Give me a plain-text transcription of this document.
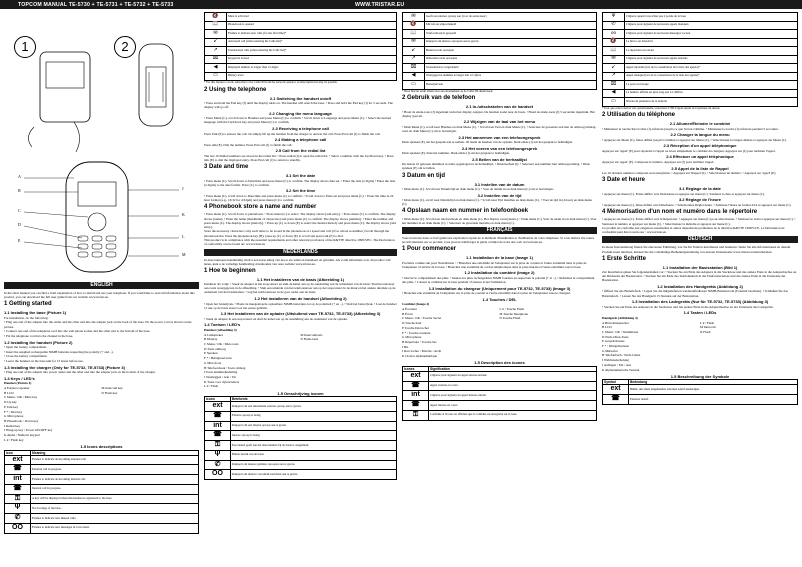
TOPCOM MANUAL TE-5730 + TE-5731 + TE-5732 + TE-5733	WWW.TRISTAR.EU
1	2
A
B
C
D
E
J
K
L
M
ENGLISH

In the short manual you can find a brief explanation of how to install and use your telephone. If you would like to read all information about this product, you can download the full user guide from our website www.tristar.eu.

1 Getting started
1.1 Installing the base (Picture 1)

For installation, do the following:

• Plug one end of the adapter into the outlet and the other end into the adapter jack on the back of the base. Fit the power cord as shown on the picture.

• Connect one end of the telephone cord into the wall phone socket and the other end to the bottom of the base.

• Fix the telephone cord into the channel in the base.

1.2 Installing the handset (Picture 2)

• Open the battery compartment.

• Insert the supplied rechargeable NiMH batteries respecting the polarity (+ and –).

• Close the battery compartment.

• Leave the handset on the base unit for 15 hours before use.

1.3 Installing the charger (Only for TE-5732, TE-5733) (Picture 3)

• Plug one end of the adapter into power outlet and the other end into the adapter jack on the bottom of the charger.

1.4 Keys / LED's

Handset (Picture 4)

A Earpiece speaker

B LCD

C Menu / OK / Mute key

D Up key

E Talk key

F * / Dial key

G Microphone

H Phonebook / Down key

I Redial key

J Hang-up key / Power ON/OFF key

K Alpha / Numeric keypad

L # / Flash key

M Intercom key

N Flash key

1.5 Icons descriptions
Icon	Meaning
ext	Flashes to indicate an incoming external call.
☎	External call in progress.
int	Flashes to indicate an incoming internal call.
☎	Internal call in progress.
⚿	A key will be displayed when this handset is registered to the base.
Ψ	Not in range of the base.
✆	Flashes to indicate new missed calls.
OO	Flashes to indicate new messages in voice mail.
🔇	Mute is activated
📖	Phonebook is opened
✉	Flashes to indicate new calls (for the first time)*
↙	Answered call (when entering the Calls list)*
↗	Unanswered calls (when entering the Calls list)*
⌧	Keypad is locked
◀	Displayed number is longer than 12 digits
▭	Battery level

* For this feature to work, subscribe to the Caller ID from the network operator. A subscription fee may be payable.

2 Using the telephone
2.1 Switching the handset on/off

• Press and hold the End key (J) until the display turns on. The handset will search the base. • Press and hold the End key (J) for 5 seconds. The display will go off.

2.2 Changing the menu language

• Press Menu (C), scroll down to Handset and press Menu (C) to confirm. • Scroll down to Language and press Menu (C). • Select the desired language with the Up/Down key and press Menu (C) to confirm.

2.3 Receiving a telephone call

Press Talk (E) to answer the call. Or simply lift up the handset from the charger to answer the call. Press End call (J) to finish the call.

2.4 Making a telephone call

Press talk (E). Dial the number. Press End call (J) to finish the call.

2.5 Call from the redial list

The last 10 dialled numbers are stored in the redial list. • Press redial (I) to open the redial list. • Select a number with the Up/Down key. • Press talk (E) to dial the displayed entry. Press End call (J) to return to standby.

3 Date and time
3.1 Set the date

• Press menu (C). Scroll down to Date/time and press menu (C) to confirm. The display shows date set. • Enter the date (2 digits) • Enter the date (2 digits) to the date format. Press (C) to confirm.

3.2 Set the time

• Press menu (C), scroll down to Date/time and press menu (C) to confirm. • Scroll down to Time set and press menu (C). • Enter the time in 24 hour format (e.g., 16:32 for 4:32pm) and press menu (C) to confirm.

4 Phonebook store a name and number

• Press menu (C). Scroll down to phonebook. • Press menu (C) to select. The display shows [add entry]. • Press menu (C) to confirm. The display shows [name]. • Enter the name (maximum 12 characters) and press menu (C) to confirm. The display shows [number]. • Enter the number and press menu (C). The display shows [melody]. • Press up (C) or down (E) to select the desired melody and press menu (C): the display shows [add entry].

Store the necessary characters: only each letter to be stored in the phonebook at a speed and call. (If so whole re-number.) Scroll through the phonebook list. Press the phonebook key (H), press up (C) or down (E) to scroll and press talk (E) to dial.

This product is in compliance with the essential requirements and other relevant provisions of the R&TTE directive 1999/5/EC. The Declaration of conformity can be found on: www.tristar.eu

NEDERLANDS

In deze beknopte handleiding vindt u een korte uitleg van hoe u uw telefoon installeert en gebruikt. Als u alle informatie over dit product wilt lezen, kunt u de volledige handleiding downloaden van onze website www.tristar.eu.

1 Hoe te beginnen
1.1 Het installeren van de basis (Afbeelding 1)

Installeer als volgt: • Steek de adapter in het stopcontact en sluit de kabel aan op de aansluiting aan de achterkant van de basis. Sluit het netsnoer aan zoals weergegeven in de afbeelding. • Sluit een uiteinde van het telefoonsnoer aan op het stopcontact in de muur en het andere uiteinde op de onderkant van het basisstation. • Leg het telefoonsnoer in de goot onder aan de basis.

1.2 Het installeren van de handset (Afbeelding 2)

• Open het batterijvak. • Plaats de meegeleverde oplaadbare NiMH-batterijen, let op de polariteit (+ en –). • Sluit het batterijvak. • Laat de handset 15 uur op de basis staan voor het eerste gebruik.

1.3 Het installeren van de oplader (Uitsluitend voor TE-5732, TE-5733) (Afbeelding 3)

• Steek de adapter in een stopcontact en sluit de kabel aan op de aansluiting aan de onderkant van de oplader.

1.4 Toetsen / LED's

Handset (Afbeelding 4)

A Luidspreker

B Display

C Menu / OK / Mute toets

D Toets omhoog

E Spreken

F * / Belsignaal toets

G Microfoon

H Telefoonboek / Toets omlaag

I Toets nummerherhaling

J Neerleggen / Aan / Uit

K Toets voor cijfers/letters

L # / Flash

M Intercomtoets

N Flash-toets

1.5 Omschrijving iconen
Icoon	Betekenis
ext	Knippert om een inkomende externe oproep aan te geven.
☎	Externe oproep is bezig.
int	Knippert om een interne oproep aan te geven.
☎	Interne oproep is bezig.
⚿	Een sleutel geeft aan dat deze handset bij de basis is aangemeld.
Ψ	Buiten bereik van de basis.
✆	Knippert om nieuwe gemiste oproepen aan te geven.
OO	Knippert om nieuwe voicemail-berichten aan te geven.
✉	Geeft een nieuwe oproep aan (voor de eerste keer)
🔇	Microfoon uitgeschakeld
📖	Telefoonboek is geopend
✉	Knippert om nieuwe oproepen aan te geven
↙	Beantwoorde oproepen
↗	Onbeantwoorde oproepen
⌧	Toetsenblok is vergrendeld
◀	Weergegeven nummer is langer dan 12 cijfers
▭	Batterijniveau

* Deze functie werkt alleen als u een abonnement op de Caller ID-dienst heeft.

2 Gebruik van de telefoon
2.1 In-/uitschakelen van de handset

• Houd de einde-toets (J) ingedrukt totdat het display aangaat. De handset zoekt naar de basis. • Houd de einde-toets (J) 5 seconden ingedrukt. Het display gaat uit.

2.2 Wijzigen van de taal van het menu

• Druk Menu (C), scroll naar Handset en druk Menu (C). • Scroll naar Taal en druk Menu (C). • Selecteer de gewenste taal met de omhoog/omlaag-toets en druk Menu (C) om te bevestigen.

2.3 Het aannemen van een telefoongesprek

Druk spreken (E) om het gesprek aan te nemen. Of neem de handset van de oplader. Druk einde (J) om het gesprek te beëindigen.

2.4 Het voeren van een telefoongesprek

Druk spreken (E). Kies het nummer. Druk einde (J) om het gesprek te beëindigen.

2.5 Bellen van de herhaallijst

De laatste 10 gekozen nummers worden opgeslagen in de herhaallijst. • Druk herhaal (I). • Selecteer een nummer met omhoog/omlaag. • Druk spreken (E) om te bellen.

3 Datum en tijd
3.1 Instellen van de datum

• Druk menu (C). Scroll naar Datum/tijd en druk menu (C). • Voer de datum in en druk menu (C) om te bevestigen.

3.2 Instellen van de tijd

• Druk menu (C), scroll naar Datum/tijd en druk menu (C). • Scroll naar Tijd instellen en druk menu (C). • Voer de tijd in (24 uur) en druk menu (C).

4 Opslaan naam en nummer in telefoonboek

• Druk menu (C). Scroll naar telefoonboek en druk menu (C). Het display toont [nieuw]. • Druk menu (C). Voer de naam in en druk menu (C). Voer het nummer in en druk menu (C). • Selecteer de gewenste melodie en druk menu (C).

FRANÇAIS

Vous trouverez dans ce bref guide une explication rapide de la méthode d'installation et d'utilisation de votre téléphone. Si vous désirez lire toutes les informations sur ce produit, vous pouvez télécharger le guide complet de notre site web www.tristar.eu.

1 Pour commencer
1.1 Installation de la base (Image 1)

Procédez comme suit pour l'installation : • Branchez une extrémité de l'adaptateur sur la prise de courant et l'autre extrémité dans la prise de l'adaptateur à l'arrière de la base. • Branchez une extrémité du cordon téléphonique dans la prise murale et l'autre extrémité sous la base.

1.2 Installation du combiné (Image 2)

• Ouvrez le compartiment des piles. • Insérez les piles rechargeables NiMH fournies en respectant la polarité (+ et –). • Refermez le compartiment des piles. • Laissez le combiné sur la base pendant 15 heures avant l'utilisation.

1.3 Installation du chargeur (Uniquement pour TE-5732, TE-5733) (Image 3)

• Branchez une extrémité de l'adaptateur sur la prise de courant et l'autre extrémité dans la prise de l'adaptateur sous le chargeur.

1.4 Touches / DEL

Combiné (Image 4)

A Écouteur

B Écran

C Menu / OK / Touche Secret

D Touche haut

E Touche Décrocher

F * / Touche sonnerie

G Microphone

H Répertoire / Touche bas

I Bis

J Raccrocher / Marche / Arrêt

K Clavier alphanumérique

L # / Touche Flash

M Touche Interphone

N Touche Flash

1.5 Description des icones
Icones	Signification
ext	Clignote pour signaler un appel externe entrant.
☎	Appel externe en cours.
int	Clignote pour signaler un appel interne entrant.
☎	Appel interne en cours.
⚿	Confirme si l'icone est affichée que le combiné est enregistré sur la base.
Ψ	Clignote quand vous n'êtes pas à portée de la base
✆	Clignote pour signaler de nouveaux appels manqués
oo	Clignote pour signaler de nouveaux messages vocaux
🔇	Le micro est désactivé
📖	Le répertoire est ouvert
✉	Clignote pour signaler de nouveaux appels entrants
↙	Appel répondu (lors de la consultation de la liste des appels)*
↗	Appel manqué (lors de la consultation de la liste des appels)*
⌧	Le pavé est bloqué
◀	Le numéro affiché est plus long que 12 chiffres
▭	Niveau de puissance de la batterie

* Pour que cette fonction soit opérationnelle, souscrivez à l'ID d'appel auprès de l'opérateur du réseau.

2 Utilisation du téléphone
2.1 Allumer/Éteindre le combiné

• Maintenez la touche Raccrocher (J) enfoncée jusqu'à ce que l'écran s'allume. • Maintenez la touche (J) enfoncée pendant 5 secondes.

2.2 Changer la langue du menu

• Appuyez sur Menu (C), faites défiler jusqu'à Combiné et appuyez sur Menu (C). • Sélectionnez la langue désirée et appuyez sur Menu (C).

2.3 Réception d'un appel téléphonique

Appuyez sur 'appel' (E) pour répondre à l'appel ou levez simplement le combiné du chargeur. Appuyez sur (J) pour terminer l'appel.

2.4 Effectuer un appel téléphonique

Appuyez sur 'appel' (E). Composez le numéro. Appuyez sur (J) pour terminer l'appel.

2.5 Appel de la liste de Rappel

Les 10 derniers numéros composés sont enregistrés. • Appuyez sur 'Rappel' (I). • Sélectionnez un numéro. • Appuyez sur 'appel' (E).

3 Date et heure
3.1 Réglage de la date

• Appuyez sur menu (C). Faites défiler vers Date/heure et appuyez sur menu (C). Saisissez la date et appuyez sur menu (C).

3.2 Réglage de l'heure

• Appuyez sur menu (C), faites défiler vers Date/heure. • Sélectionnez Régler heure. • Saisissez l'heure au format 24 h et appuyez sur menu (C).

4 Mémorisation d'un nom et numéro dans le répertoire

• Appuyez sur menu (C). Faites défiler vers le Répertoire. • Appuyez sur menu (C) pour sélectionner. • Saisissez le nom et appuyez sur menu (C). • Saisissez le numéro et appuyez sur menu (C). • Sélectionnez la mélodie et appuyez sur menu (C).

Ce produit est conforme aux exigences essentielles et autres dispositions pertinentes de la directive R&TTE 1999/5/CE. La Déclaration de conformité peut être trouvée sur : www.tristar.eu

DEUTSCH

In dieser Kurzanleitung finden Sie eine kurze Erklärung, wie Sie Ihr Telefon installieren und benutzen. Wenn Sie alle Informationen zu diesem Produkt lesen möchten, können Sie die vollständige Bedienungsanleitung von unserer Internetseite www.tristar.eu herunterladen.

1 Erste Schritte
1.1 Installation der Basisstation (Bild 1)

Zur Installation gehen Sie folgendermaßen vor: • Stecken Sie ein Ende des Adapters in die Steckdose und das andere Ende in die Adapterbuchse an der Rückseite der Basisstation. • Stecken Sie ein Ende des Telefonkabels in die Telefonsteckdose und das andere Ende in die Unterseite der Basisstation.

1.2 Installation des Handgeräts (Abbildung 2)

• Öffnen Sie das Batteriefach. • Legen Sie die mitgelieferten wiederaufladbaren NiMH-Batterien ein (Polarität beachten). • Schließen Sie das Batteriefach. • Lassen Sie das Handgerät 15 Stunden auf der Basisstation.

1.3 Installation des Ladegeräts (Nur für TE-5732, TE-5733) (Abbildung 3)

• Stecken Sie ein Ende des Adapters in die Steckdose und das andere Ende in die Adapterbuchse an der Unterseite des Ladegeräts.

1.4 Tasten / LEDs

Handgerät (Abbildung 4)

A Hörerlautsprecher

B LCD

C Menü / OK / Stummtaste

D Nach-Oben-Taste

E Gesprächstaste

F * / Klingeltontaste

G Mikrofon

H Telefonbuch / Nach-Unten

I Wahlwiederholung

J Auflegen / Ein / Aus

K Alphanumerische Tastatur

L # / Flash

M Intercom

N Flash

1.5 Beschreibung der Symbole
Symbol	Bedeutung
ext	Blinkt, um einen eingehenden externen Anruf anzuzeigen.
☎	Externer Anruf.
